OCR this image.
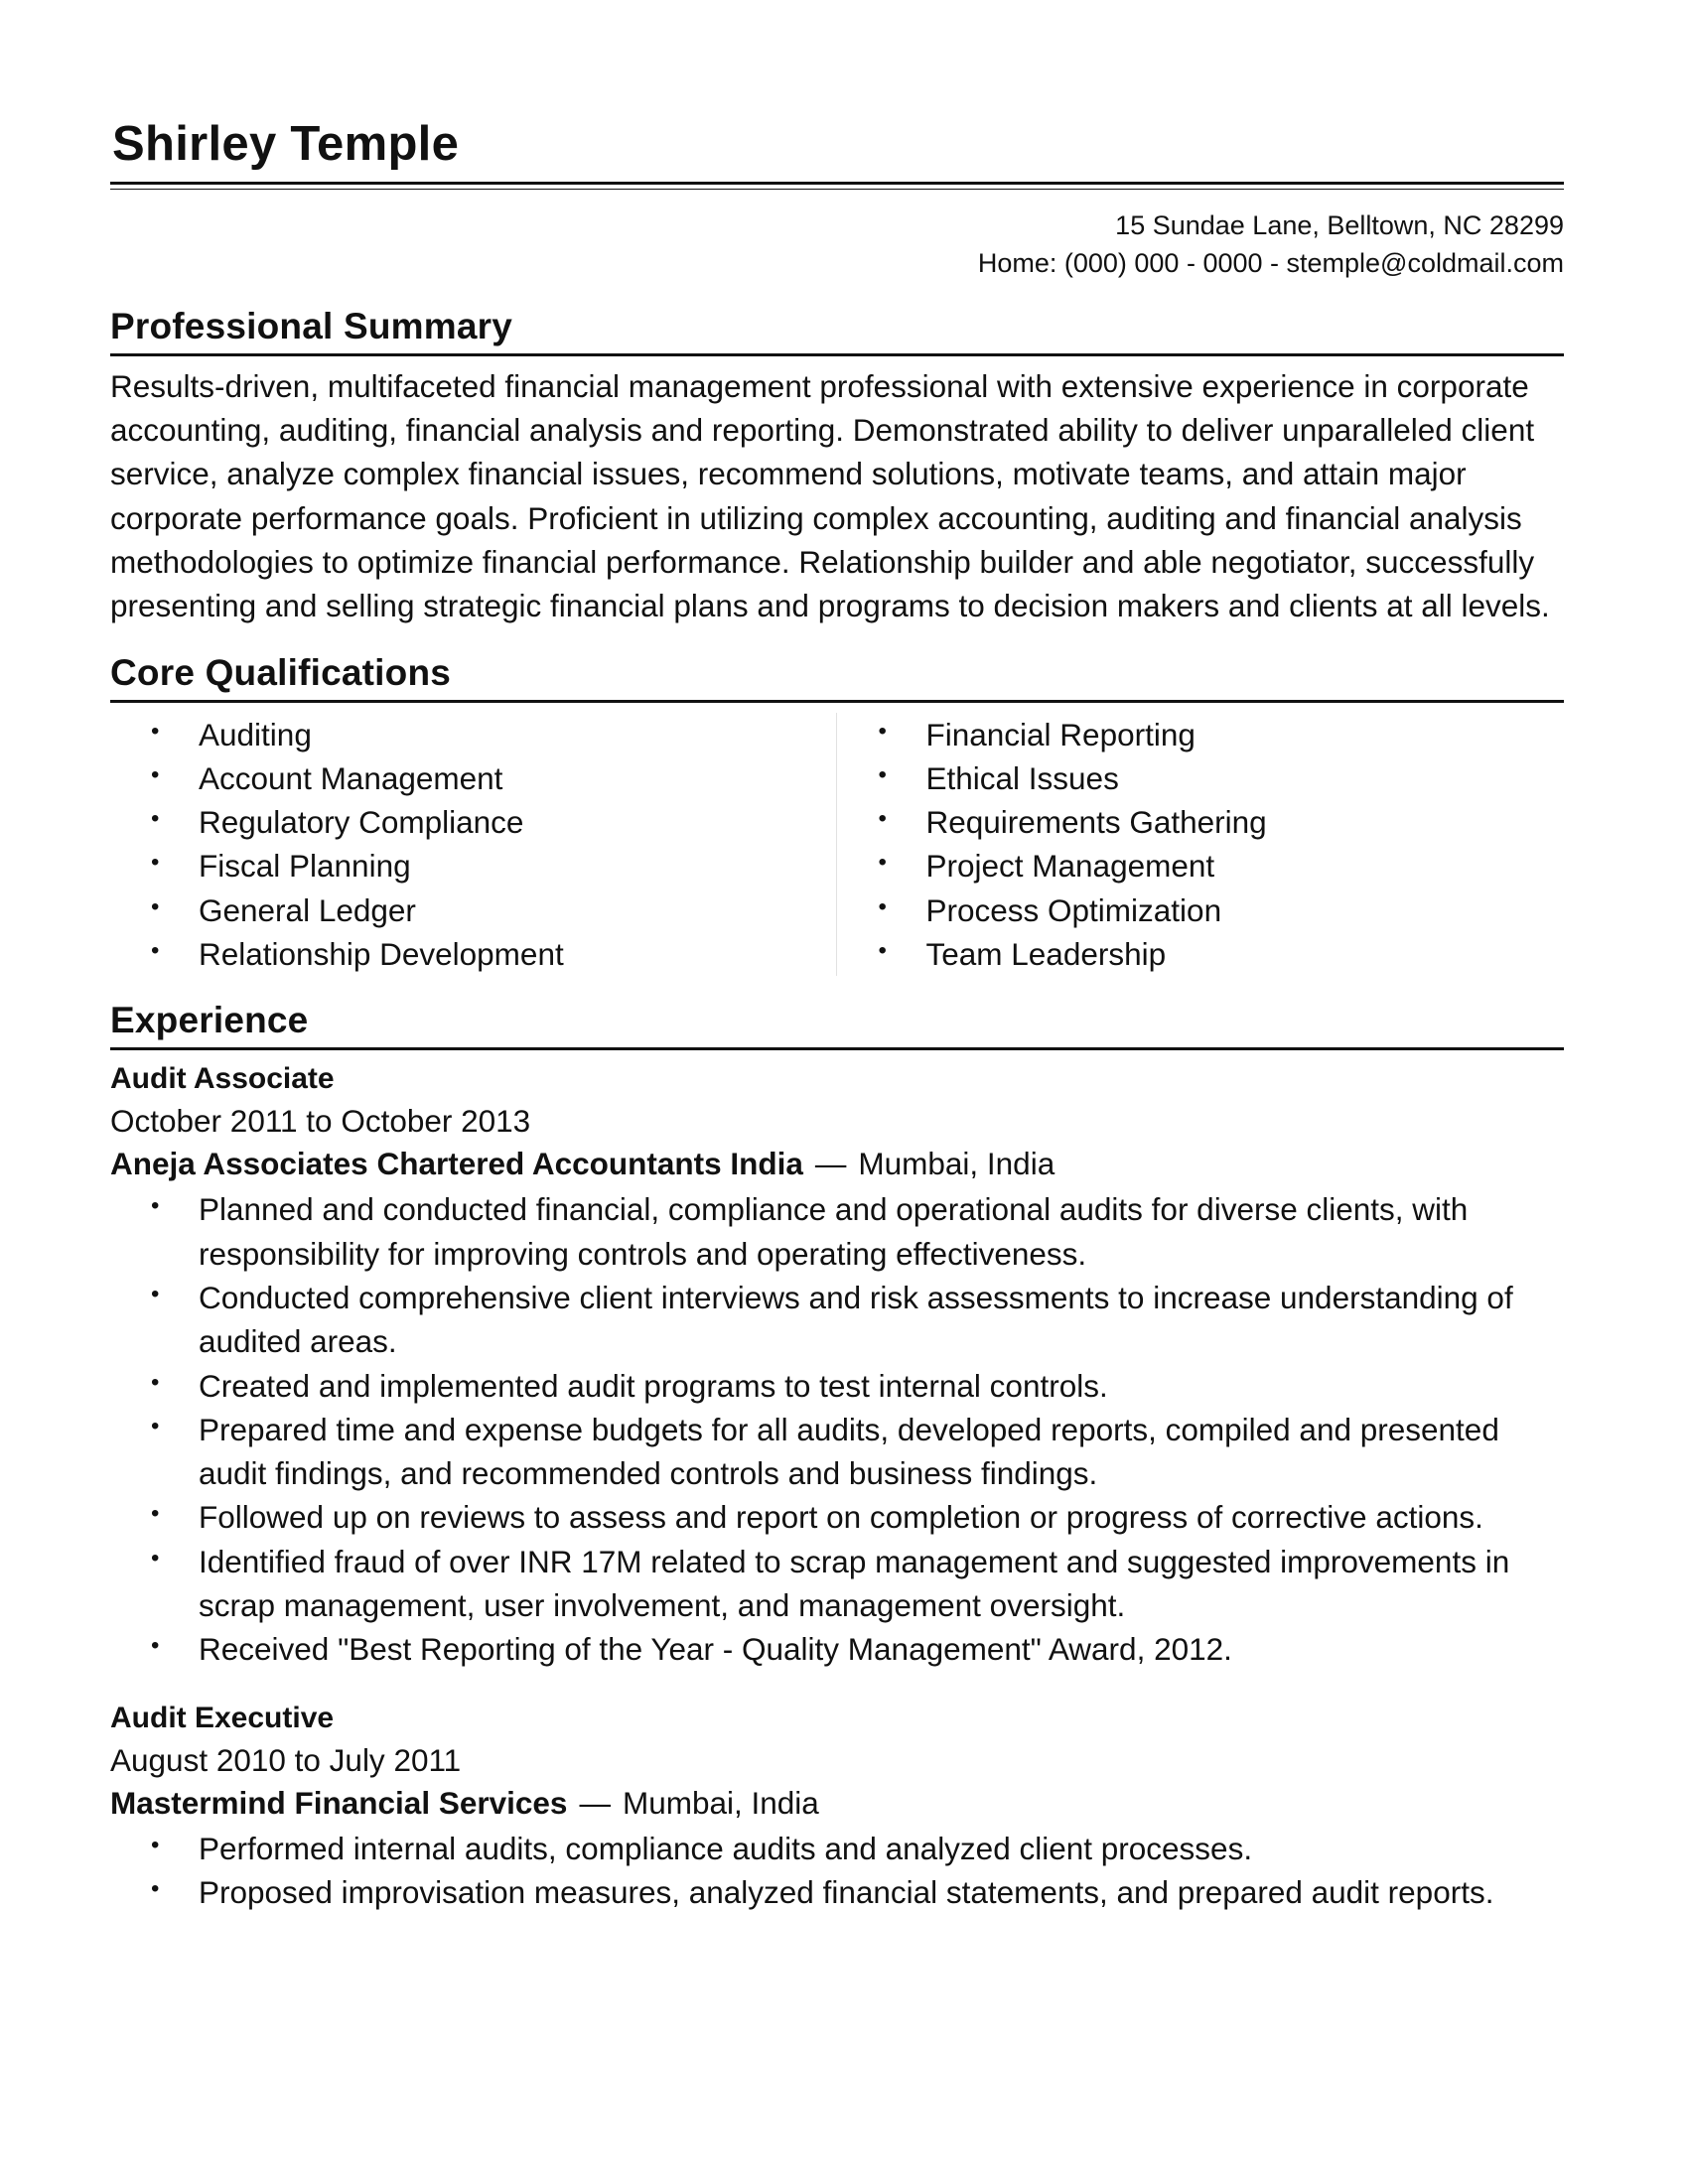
Shirley Temple
15 Sundae Lane, Belltown, NC 28299
Home: (000) 000 - 0000 - stemple@coldmail.com
Professional Summary
Results-driven, multifaceted financial management professional with extensive experience in corporate accounting, auditing, financial analysis and reporting. Demonstrated ability to deliver unparalleled client service, analyze complex financial issues, recommend solutions, motivate teams, and attain major corporate performance goals. Proficient in utilizing complex accounting, auditing and financial analysis methodologies to optimize financial performance. Relationship builder and able negotiator, successfully presenting and selling strategic financial plans and programs to decision makers and clients at all levels.
Core Qualifications
• Auditing
• Account Management
• Regulatory Compliance
• Fiscal Planning
• General Ledger
• Relationship Development
• Financial Reporting
• Ethical Issues
• Requirements Gathering
• Project Management
• Process Optimization
• Team Leadership
Experience
Audit Associate
October 2011 to October 2013
Aneja Associates Chartered Accountants India — Mumbai, India
• Planned and conducted financial, compliance and operational audits for diverse clients, with responsibility for improving controls and operating effectiveness.
• Conducted comprehensive client interviews and risk assessments to increase understanding of audited areas.
• Created and implemented audit programs to test internal controls.
• Prepared time and expense budgets for all audits, developed reports, compiled and presented audit findings, and recommended controls and business findings.
• Followed up on reviews to assess and report on completion or progress of corrective actions.
• Identified fraud of over INR 17M related to scrap management and suggested improvements in scrap management, user involvement, and management oversight.
• Received "Best Reporting of the Year - Quality Management" Award, 2012.
Audit Executive
August 2010 to July 2011
Mastermind Financial Services — Mumbai, India
• Performed internal audits, compliance audits and analyzed client processes.
• Proposed improvisation measures, analyzed financial statements, and prepared audit reports.
